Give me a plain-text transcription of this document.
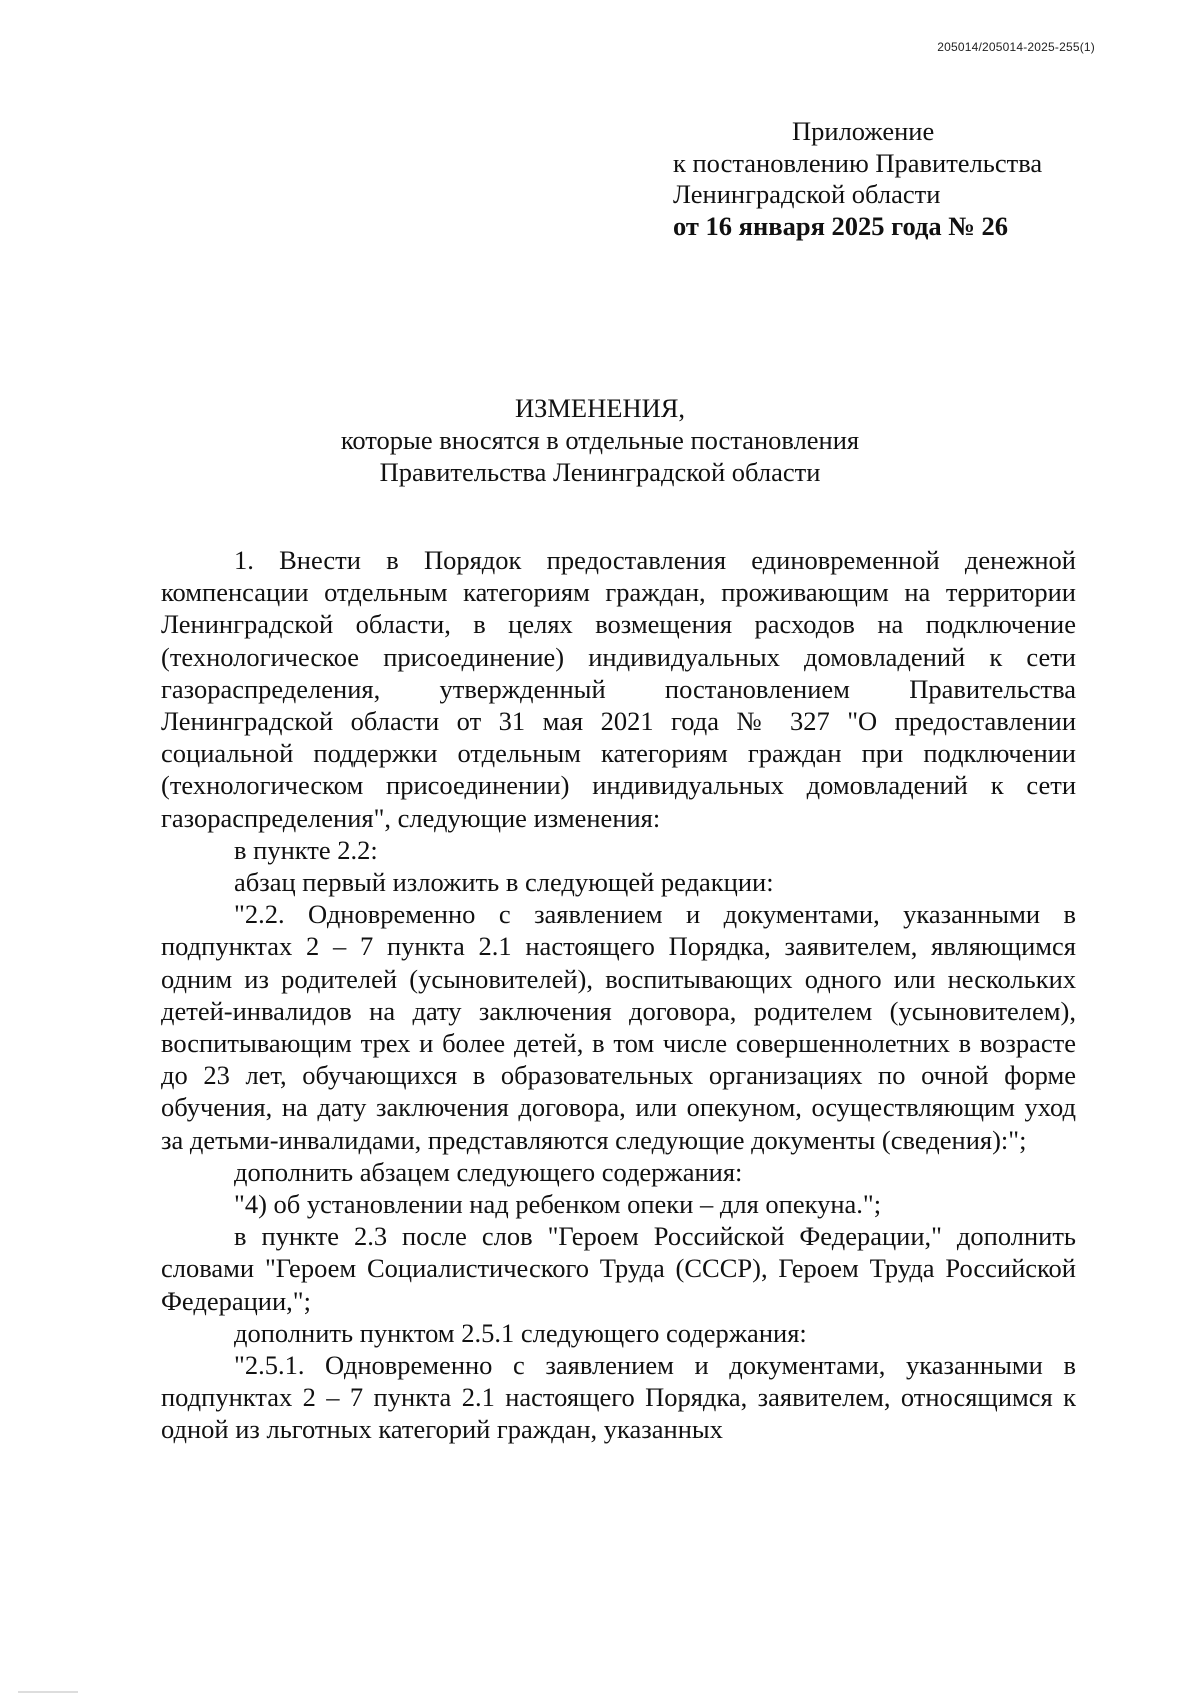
205014/205014-2025-255(1)
Приложение
к постановлению Правительства
Ленинградской области
от 16 января 2025 года № 26
ИЗМЕНЕНИЯ,
которые вносятся в отдельные постановления
Правительства Ленинградской области

1. Внести в Порядок предоставления единовременной денежной компенсации отдельным категориям граждан, проживающим на территории Ленинградской области, в целях возмещения расходов на подключение (технологическое присоединение) индивидуальных домовладений к сети газораспределения, утвержденный постановлением Правительства Ленинградской области от 31 мая 2021 года № 327 "О предоставлении социальной поддержки отдельным категориям граждан при подключении (технологическом присоединении) индивидуальных домовладений к сети газораспределения", следующие изменения:

в пункте 2.2:

абзац первый изложить в следующей редакции:

"2.2. Одновременно с заявлением и документами, указанными в подпунктах 2 – 7 пункта 2.1 настоящего Порядка, заявителем, являющимся одним из родителей (усыновителей), воспитывающих одного или нескольких детей-инвалидов на дату заключения договора, родителем (усыновителем), воспитывающим трех и более детей, в том числе совершеннолетних в возрасте до 23 лет, обучающихся в образовательных организациях по очной форме обучения, на дату заключения договора, или опекуном, осуществляющим уход за детьми-инвалидами, представляются следующие документы (сведения):";

дополнить абзацем следующего содержания:

"4) об установлении над ребенком опеки – для опекуна.";

в пункте 2.3 после слов "Героем Российской Федерации," дополнить словами "Героем Социалистического Труда (СССР), Героем Труда Российской Федерации,";

дополнить пунктом 2.5.1 следующего содержания:

"2.5.1. Одновременно с заявлением и документами, указанными в подпунктах 2 – 7 пункта 2.1 настоящего Порядка, заявителем, относящимся к одной из льготных категорий граждан, указанных
